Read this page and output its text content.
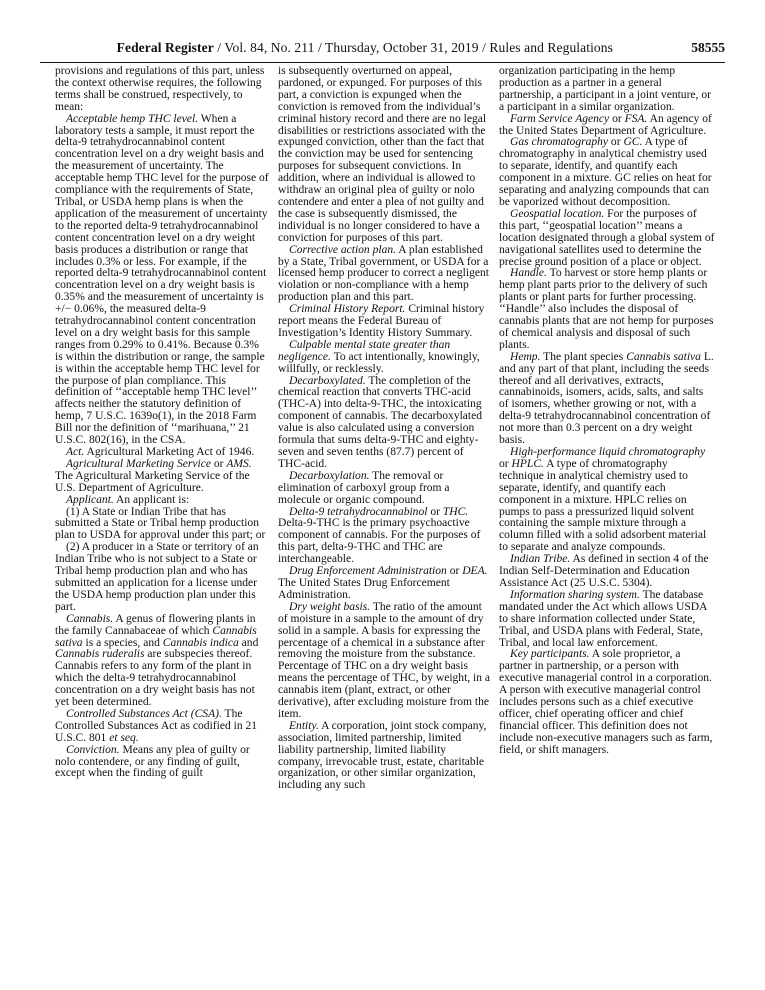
Federal Register / Vol. 84, No. 211 / Thursday, October 31, 2019 / Rules and Regulations	58555

provisions and regulations of this part, unless the context otherwise requires, the following terms shall be construed, respectively, to mean:

Acceptable hemp THC level. When a laboratory tests a sample, it must report the delta-9 tetrahydrocannabinol content concentration level on a dry weight basis and the measurement of uncertainty. The acceptable hemp THC level for the purpose of compliance with the requirements of State, Tribal, or USDA hemp plans is when the application of the measurement of uncertainty to the reported delta-9 tetrahydrocannabinol content concentration level on a dry weight basis produces a distribution or range that includes 0.3% or less. For example, if the reported delta-9 tetrahydrocannabinol content concentration level on a dry weight basis is 0.35% and the measurement of uncertainty is +/− 0.06%, the measured delta-9 tetrahydrocannabinol content concentration level on a dry weight basis for this sample ranges from 0.29% to 0.41%. Because 0.3% is within the distribution or range, the sample is within the acceptable hemp THC level for the purpose of plan compliance. This definition of ‘‘acceptable hemp THC level’’ affects neither the statutory definition of hemp, 7 U.S.C. 1639o(1), in the 2018 Farm Bill nor the definition of ‘‘marihuana,’’ 21 U.S.C. 802(16), in the CSA.

Act. Agricultural Marketing Act of 1946.

Agricultural Marketing Service or AMS. The Agricultural Marketing Service of the U.S. Department of Agriculture.

Applicant. An applicant is:

(1) A State or Indian Tribe that has submitted a State or Tribal hemp production plan to USDA for approval under this part; or

(2) A producer in a State or territory of an Indian Tribe who is not subject to a State or Tribal hemp production plan and who has submitted an application for a license under the USDA hemp production plan under this part.

Cannabis. A genus of flowering plants in the family Cannabaceae of which Cannabis sativa is a species, and Cannabis indica and Cannabis ruderalis are subspecies thereof. Cannabis refers to any form of the plant in which the delta-9 tetrahydrocannabinol concentration on a dry weight basis has not yet been determined.

Controlled Substances Act (CSA). The Controlled Substances Act as codified in 21 U.S.C. 801 et seq.

Conviction. Means any plea of guilty or nolo contendere, or any finding of guilt, except when the finding of guilt

is subsequently overturned on appeal, pardoned, or expunged. For purposes of this part, a conviction is expunged when the conviction is removed from the individual’s criminal history record and there are no legal disabilities or restrictions associated with the expunged conviction, other than the fact that the conviction may be used for sentencing purposes for subsequent convictions. In addition, where an individual is allowed to withdraw an original plea of guilty or nolo contendere and enter a plea of not guilty and the case is subsequently dismissed, the individual is no longer considered to have a conviction for purposes of this part.

Corrective action plan. A plan established by a State, Tribal government, or USDA for a licensed hemp producer to correct a negligent violation or non-compliance with a hemp production plan and this part.

Criminal History Report. Criminal history report means the Federal Bureau of Investigation’s Identity History Summary.

Culpable mental state greater than negligence. To act intentionally, knowingly, willfully, or recklessly.

Decarboxylated. The completion of the chemical reaction that converts THC-acid (THC-A) into delta-9-THC, the intoxicating component of cannabis. The decarboxylated value is also calculated using a conversion formula that sums delta-9-THC and eighty-seven and seven tenths (87.7) percent of THC-acid.

Decarboxylation. The removal or elimination of carboxyl group from a molecule or organic compound.

Delta-9 tetrahydrocannabinol or THC. Delta-9-THC is the primary psychoactive component of cannabis. For the purposes of this part, delta-9-THC and THC are interchangeable.

Drug Enforcement Administration or DEA. The United States Drug Enforcement Administration.

Dry weight basis. The ratio of the amount of moisture in a sample to the amount of dry solid in a sample. A basis for expressing the percentage of a chemical in a substance after removing the moisture from the substance. Percentage of THC on a dry weight basis means the percentage of THC, by weight, in a cannabis item (plant, extract, or other derivative), after excluding moisture from the item.

Entity. A corporation, joint stock company, association, limited partnership, limited liability partnership, limited liability company, irrevocable trust, estate, charitable organization, or other similar organization, including any such

organization participating in the hemp production as a partner in a general partnership, a participant in a joint venture, or a participant in a similar organization.

Farm Service Agency or FSA. An agency of the United States Department of Agriculture.

Gas chromatography or GC. A type of chromatography in analytical chemistry used to separate, identify, and quantify each component in a mixture. GC relies on heat for separating and analyzing compounds that can be vaporized without decomposition.

Geospatial location. For the purposes of this part, ‘‘geospatial location’’ means a location designated through a global system of navigational satellites used to determine the precise ground position of a place or object.

Handle. To harvest or store hemp plants or hemp plant parts prior to the delivery of such plants or plant parts for further processing. ‘‘Handle’’ also includes the disposal of cannabis plants that are not hemp for purposes of chemical analysis and disposal of such plants.

Hemp. The plant species Cannabis sativa L. and any part of that plant, including the seeds thereof and all derivatives, extracts, cannabinoids, isomers, acids, salts, and salts of isomers, whether growing or not, with a delta-9 tetrahydrocannabinol concentration of not more than 0.3 percent on a dry weight basis.

High-performance liquid chromatography or HPLC. A type of chromatography technique in analytical chemistry used to separate, identify, and quantify each component in a mixture. HPLC relies on pumps to pass a pressurized liquid solvent containing the sample mixture through a column filled with a solid adsorbent material to separate and analyze compounds.

Indian Tribe. As defined in section 4 of the Indian Self-Determination and Education Assistance Act (25 U.S.C. 5304).

Information sharing system. The database mandated under the Act which allows USDA to share information collected under State, Tribal, and USDA plans with Federal, State, Tribal, and local law enforcement.

Key participants. A sole proprietor, a partner in partnership, or a person with executive managerial control in a corporation. A person with executive managerial control includes persons such as a chief executive officer, chief operating officer and chief financial officer. This definition does not include non-executive managers such as farm, field, or shift managers.
